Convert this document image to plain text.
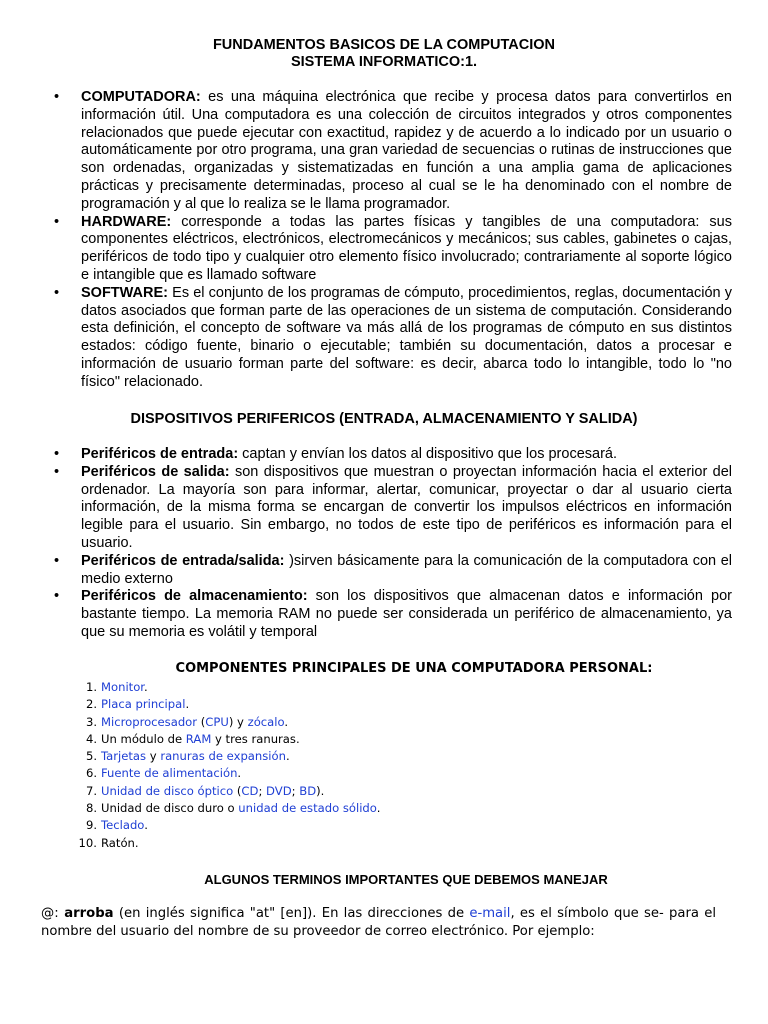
FUNDAMENTOS BASICOS DE LA COMPUTACION
SISTEMA INFORMATICO:1.
• COMPUTADORA: es una máquina electrónica que recibe y procesa datos para convertirlos en información útil. Una computadora es una colección de circuitos integrados y otros componentes relacionados que puede ejecutar con exactitud, rapidez y de acuerdo a lo indicado por un usuario o automáticamente por otro programa, una gran variedad de secuencias o rutinas de instrucciones que son ordenadas, organizadas y sistematizadas en función a una amplia gama de aplicaciones prácticas y precisamente determinadas, proceso al cual se le ha denominado con el nombre de programación y al que lo realiza se le llama programador.
• HARDWARE: corresponde a todas las partes físicas y tangibles de una computadora: sus componentes eléctricos, electrónicos, electromecánicos y mecánicos; sus cables, gabinetes o cajas, periféricos de todo tipo y cualquier otro elemento físico involucrado; contrariamente al soporte lógico e intangible que es llamado software
• SOFTWARE: Es el conjunto de los programas de cómputo, procedimientos, reglas, documentación y datos asociados que forman parte de las operaciones de un sistema de computación. Considerando esta definición, el concepto de software va más allá de los programas de cómputo en sus distintos estados: código fuente, binario o ejecutable; también su documentación, datos a procesar e información de usuario forman parte del software: es decir, abarca todo lo intangible, todo lo "no físico" relacionado.
DISPOSITIVOS PERIFERICOS (ENTRADA, ALMACENAMIENTO Y SALIDA)
• Periféricos de entrada: captan y envían los datos al dispositivo que los procesará.
• Periféricos de salida: son dispositivos que muestran o proyectan información hacia el exterior del ordenador. La mayoría son para informar, alertar, comunicar, proyectar o dar al usuario cierta información, de la misma forma se encargan de convertir los impulsos eléctricos en información legible para el usuario. Sin embargo, no todos de este tipo de periféricos es información para el usuario.
• Periféricos de entrada/salida: )sirven básicamente para la comunicación de la computadora con el medio externo
• Periféricos de almacenamiento: son los dispositivos que almacenan datos e información por bastante tiempo. La memoria RAM no puede ser considerada un periférico de almacenamiento, ya que su memoria es volátil y temporal
COMPONENTES PRINCIPALES DE UNA COMPUTADORA PERSONAL:
1. Monitor.
2. Placa principal.
3. Microprocesador (CPU) y zócalo.
4. Un módulo de RAM y tres ranuras.
5. Tarjetas y ranuras de expansión.
6. Fuente de alimentación.
7. Unidad de disco óptico (CD; DVD; BD).
8. Unidad de disco duro o unidad de estado sólido.
9. Teclado.
10. Ratón.
ALGUNOS TERMINOS IMPORTANTES QUE DEBEMOS MANEJAR
@: arroba (en inglés significa "at" [en]). En las direcciones de e-mail, es el símbolo que se- para el nombre del usuario del nombre de su proveedor de correo electrónico. Por ejemplo:
